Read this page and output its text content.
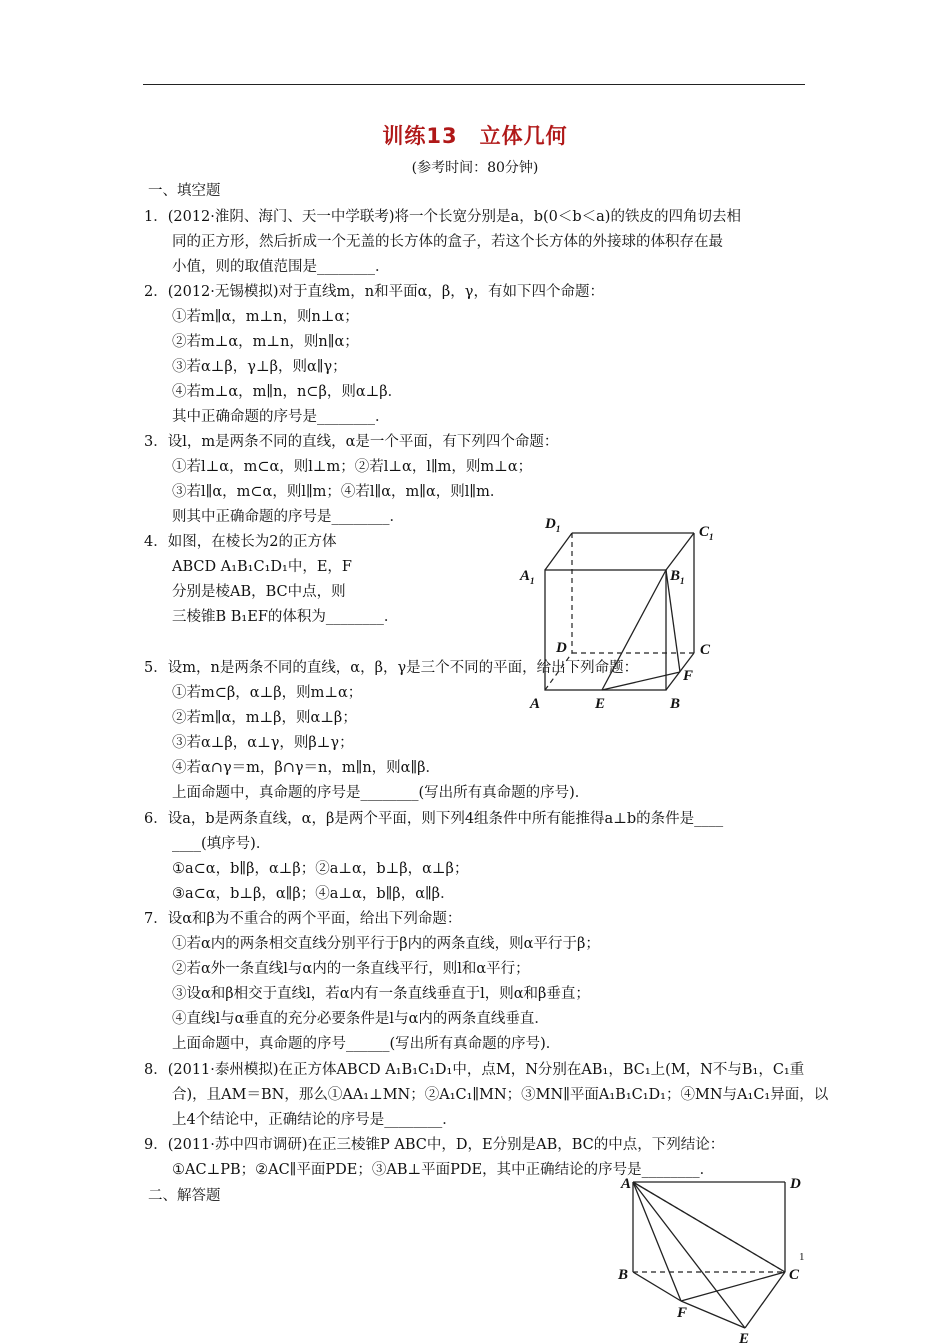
训练13　立体几何
(参考时间：80分钟)
一、填空题
1．(2012·淮阴、海门、天一中学联考)将一个长宽分别是a，b(0＜b＜a)的铁皮的四角切去相
同的正方形，然后折成一个无盖的长方体的盒子，若这个长方体的外接球的体积存在最
小值，则的取值范围是________．
2．(2012·无锡模拟)对于直线m，n和平面α，β，γ，有如下四个命题：
①若m∥α，m⊥n，则n⊥α；
②若m⊥α，m⊥n，则n∥α；
③若α⊥β，γ⊥β，则α∥γ；
④若m⊥α，m∥n，n⊂β，则α⊥β．
其中正确命题的序号是________．
3．设l，m是两条不同的直线，α是一个平面，有下列四个命题：
①若l⊥α，m⊂α，则l⊥m；②若l⊥α，l∥m，则m⊥α；
③若l∥α，m⊂α，则l∥m；④若l∥α，m∥α，则l∥m．
则其中正确命题的序号是________．
4．如图，在棱长为2的正方体
ABCD A₁B₁C₁D₁中，E，F
分别是棱AB，BC中点，则
三棱锥B B₁EF的体积为________．
5．设m，n是两条不同的直线，α，β，γ是三个不同的平面，给出下列命题：
①若m⊂β，α⊥β，则m⊥α；
②若m∥α，m⊥β，则α⊥β；
③若α⊥β，α⊥γ，则β⊥γ；
④若α∩γ＝m，β∩γ＝n，m∥n，则α∥β．
上面命题中，真命题的序号是________(写出所有真命题的序号)．
6．设a，b是两条直线，α，β是两个平面，则下列4组条件中所有能推得a⊥b的条件是____
____(填序号)．
①a⊂α，b∥β，α⊥β；②a⊥α，b⊥β，α⊥β；
③a⊂α，b⊥β，α∥β；④a⊥α，b∥β，α∥β．
7．设α和β为不重合的两个平面，给出下列命题：
①若α内的两条相交直线分别平行于β内的两条直线，则α平行于β；
②若α外一条直线l与α内的一条直线平行，则l和α平行；
③设α和β相交于直线l，若α内有一条直线垂直于l，则α和β垂直；
④直线l与α垂直的充分必要条件是l与α内的两条直线垂直．
上面命题中，真命题的序号______(写出所有真命题的序号)．
8．(2011·泰州模拟)在正方体ABCD A₁B₁C₁D₁中，点M，N分别在AB₁，BC₁上(M，N不与B₁，C₁重
合)，且AM＝BN，那么①AA₁⊥MN；②A₁C₁∥MN；③MN∥平面A₁B₁C₁D₁；④MN与A₁C₁异面，以
上4个结论中，正确结论的序号是________．
9．(2011·苏中四市调研)在正三棱锥P ABC中，D，E分别是AB，BC的中点，下列结论：
①AC⊥PB；②AC∥平面PDE；③AB⊥平面PDE，其中正确结论的序号是________．
二、解答题
$D_1$	$C_1$
$A_1$	$B_1$
D	C
F
A	E	B
A	D
1
B	C
F
E
